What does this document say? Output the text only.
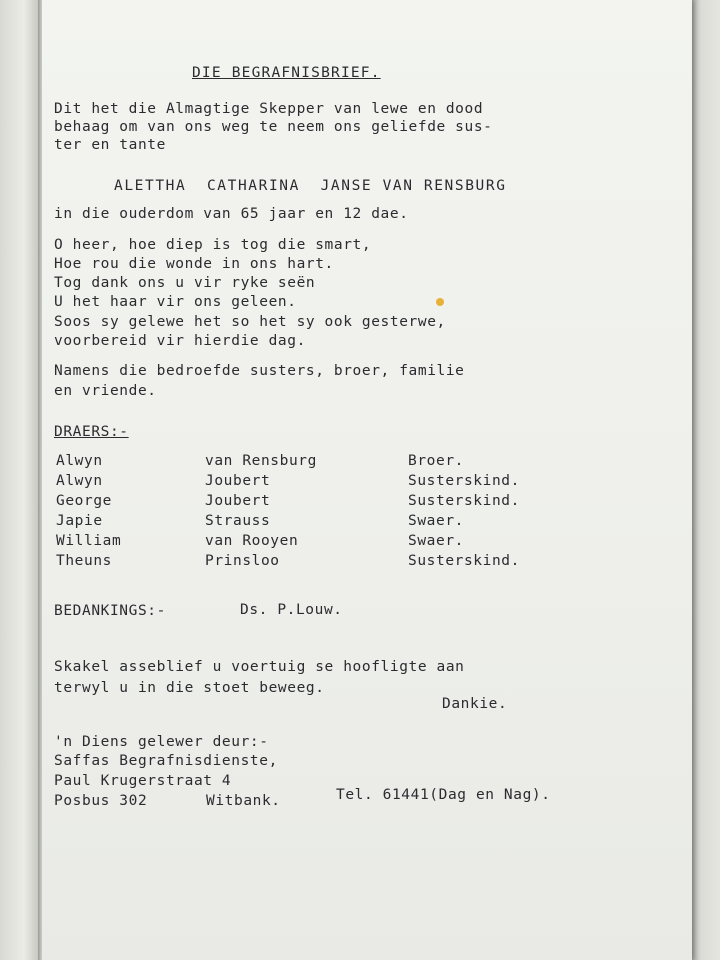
DIE BEGRAFNISBRIEF.
Dit het die Almagtige Skepper van lewe en dood
behaag om van ons weg te neem ons geliefde sus-
ter en tante
ALETTHA  CATHARINA  JANSE VAN RENSBURG
in die ouderdom van 65 jaar en 12 dae.
O heer, hoe diep is tog die smart,
Hoe rou die wonde in ons hart.
Tog dank ons u vir ryke seën
U het haar vir ons geleen.
Soos sy gelewe het so het sy ook gesterwe,
voorbereid vir hierdie dag.
Namens die bedroefde susters, broer, familie
en vriende.
DRAERS:-
Alwyn	van Rensburg	Broer.
Alwyn	Joubert	Susterskind.
George	Joubert	Susterskind.
Japie	Strauss	Swaer.
William	van Rooyen	Swaer.
Theuns	Prinsloo	Susterskind.
BEDANKINGS:-	Ds. P.Louw.
Skakel asseblief u voertuig se hoofligte aan
terwyl u in die stoet beweeg.
Dankie.
'n Diens gelewer deur:-
Saffas Begrafnisdienste,
Paul Krugerstraat 4
Posbus 302	Witbank.	Tel. 61441(Dag en Nag).
